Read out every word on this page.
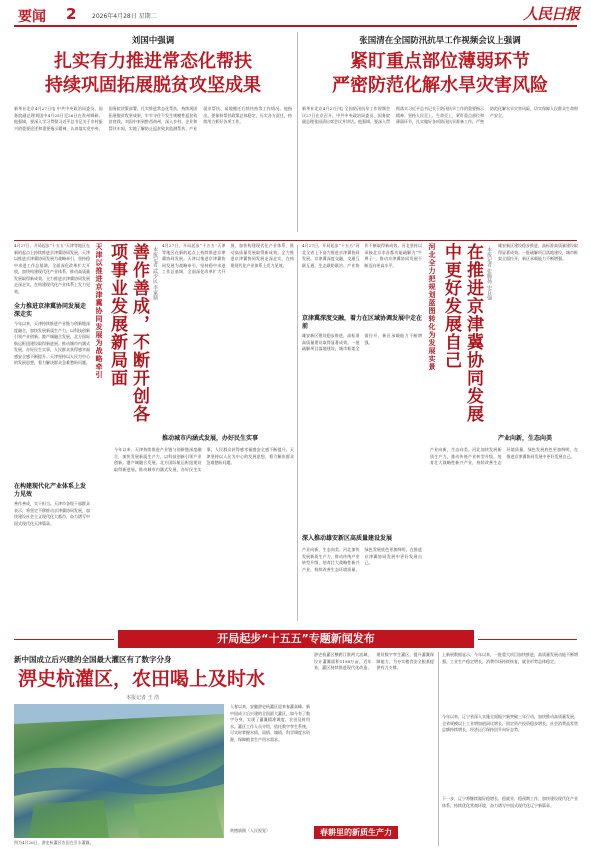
要闻 2	2026年4月28日 星期二	人民日报
刘国中强调
扎实有力推进常态化帮扶
持续巩固拓展脱贫攻坚成果
新华社北京4月27日电 中共中央政治局委员、国务院副总理刘国中4月25日至26日在贵州调研。他强调，要深入学习贯彻习近平总书记关于乡村振兴的重要论述和重要指示精神，认真落实党中央、国务院决策部署，扎实推进常态化帮扶，持续巩固拓展脱贫攻坚成果，牢牢守住不发生规模性返贫致贫底线。刘国中来到黔西南州，深入乡村、企业和帮扶车间，实地了解防止返贫致贫监测帮扶、产业就业帮扶、易地搬迁后续扶持等工作情况。他指出，要保持帮扶政策总体稳定，压实各方责任，持续用力抓好各项工作。
张国清在全国防汛抗旱工作视频会议上强调
紧盯重点部位薄弱环节
严密防范化解水旱灾害风险
新华社北京4月27日电 全国防汛抗旱工作视频会议27日在京召开。中共中央政治局委员、国务院副总理张国清出席会议并讲话。他强调，要深入贯彻落实习近平总书记关于防汛抗旱工作的重要指示精神，坚持人民至上、生命至上，紧盯重点部位和薄弱环节，扎实做好各项防汛抗旱准备工作，严密防范化解水旱灾害风险，切实保障人民群众生命财产安全。
4月27日，开局起步“十五五”天津等地区在新的起点上持续推进京津冀协同发展。天津以推进京津冀协同发展为战略牵引，坚持稳中求进工作总基调，全面深化改革扩大开放，加快构建现代化产业体系，推动高质量发展取得新成效。全力推进京津冀协同发展走深走实，在构建现代化产业体系上发力见效。
全力推进京津冀协同发展走深走实
今年以来，天津持续推进产业链与创新链深度融合，加快发展新质生产力，以科技创新引领产业创新。港产城融合发展，北方国际航运枢纽建设取得新进展。推动城市内涵式发展，办好民生实事，人民群众获得感幸福感安全感不断提升。天津坚持以人民为中心的发展思想，着力解决群众急难愁盼问题。
在构建现代化产业体系上发力见效
善作善成，实干担当。天津市各级干部群众表示，将坚定不移推动京津冀协同发展，加快建设社会主义现代化大都市，奋力谱写中国式现代化天津篇章。
天津以推进京津冀协同发展为战略牵引	善作善成，不断开创各项事业发展新局面	本报记者 武少民 李家鼎
4月27日，开局起步“十五五”天津等地区在新的起点上持续推进京津冀协同发展。天津以推进京津冀协同发展为战略牵引，坚持稳中求进工作总基调，全面深化改革扩大开放，加快构建现代化产业体系，推动高质量发展取得新成效。全力推进京津冀协同发展走深走实，在构建现代化产业体系上发力见效。
推动城市内涵式发展，办好民生实事
今年以来，天津持续推进产业链与创新链深度融合，加快发展新质生产力，以科技创新引领产业创新。港产城融合发展，北方国际航运枢纽建设取得新进展。推动城市内涵式发展，办好民生实事，人民群众获得感幸福感安全感不断提升。天津坚持以人民为中心的发展思想，着力解决群众急难愁盼问题。
4月27日，开局起步“十五五”河北全省上下奋力推进京津冀协同发展。京津冀深度交融，交通互联互通、生态联防联治、产业协作不断取得新成效。河北坚持以承接北京非首都功能疏解为“牛鼻子”，推动京津冀协同发展不断迈向更高水平。
京津冀深度交融，着力在区域协调发展中走在前
雄安新区建设稳步推进，高标准高质量建设取得显著成效。一批疏解项目落地建设，城市框架全面拉开，新区承载能力不断增强。
深入推动雄安新区高质量建设发展
产业向新，生态向美。河北加快发展新质生产力，推动传统产业转型升级，培育壮大战略性新兴产业，持续改善生态环境质量，绿色发展底色更加鲜明，在推进京津冀协同发展中更好发展自己。
河北全力把规划蓝图转化为发展实景	在推进京津冀协同发展中更好发展自己	本报记者 张腾扬 史自强
雄安新区建设稳步推进，高标准高质量建设取得显著成效。一批疏解项目落地建设，城市框架全面拉开，新区承载能力不断增强。
产业向新，生态向美
产业向新，生态向美。河北加快发展新质生产力，推动传统产业转型升级，培育壮大战略性新兴产业，持续改善生态环境质量，绿色发展底色更加鲜明，在推进京津冀协同发展中更好发展自己。
开局起步“十五五”专题新闻发布
新中国成立后兴建的全国最大灌区有了数字分身
淠史杭灌区，农田喝上及时水
本报记者 王 浩
图为4月26日，淠史杭灌区农田在引水灌溉。
入春以来，安徽淠史杭灌区迎来春灌高峰。新中国成立后兴建的全国最大灌区，如今有了数字分身，实现了灌溉精准调度、农田及时用水。灌区工作人员介绍，依托数字孪生系统，可实时掌握水情、雨情、墒情，科学调度水资源，保障粮食生产用水需求。
黄德斌摄（人民视觉）
淠史杭灌区横跨江淮两大流域，设计灌溉面积1198万亩。近年来，灌区持续推进现代化改造，建设数字孪生灌区，提升灌溉保障能力，为夯实粮食安全根基提供有力支撑。
春耕里的新质生产力
上新展数据显示，今年以来，一批重大项目加快推进，高质量发展动能不断增强。工业生产稳定增长，消费市场持续恢复，就业形势总体稳定。
今年以来，辽宁省深入实施全面振兴新突破三年行动，加快推动高质量发展。全省规模以上工业增加值同比增长，固定资产投资稳步增长，社会消费品零售总额持续增长，经济运行保持回升向好态势。
下一步，辽宁将继续做好稳增长、稳就业、稳预期工作，加快建设现代化产业体系，持续优化营商环境，奋力谱写中国式现代化辽宁新篇章。
